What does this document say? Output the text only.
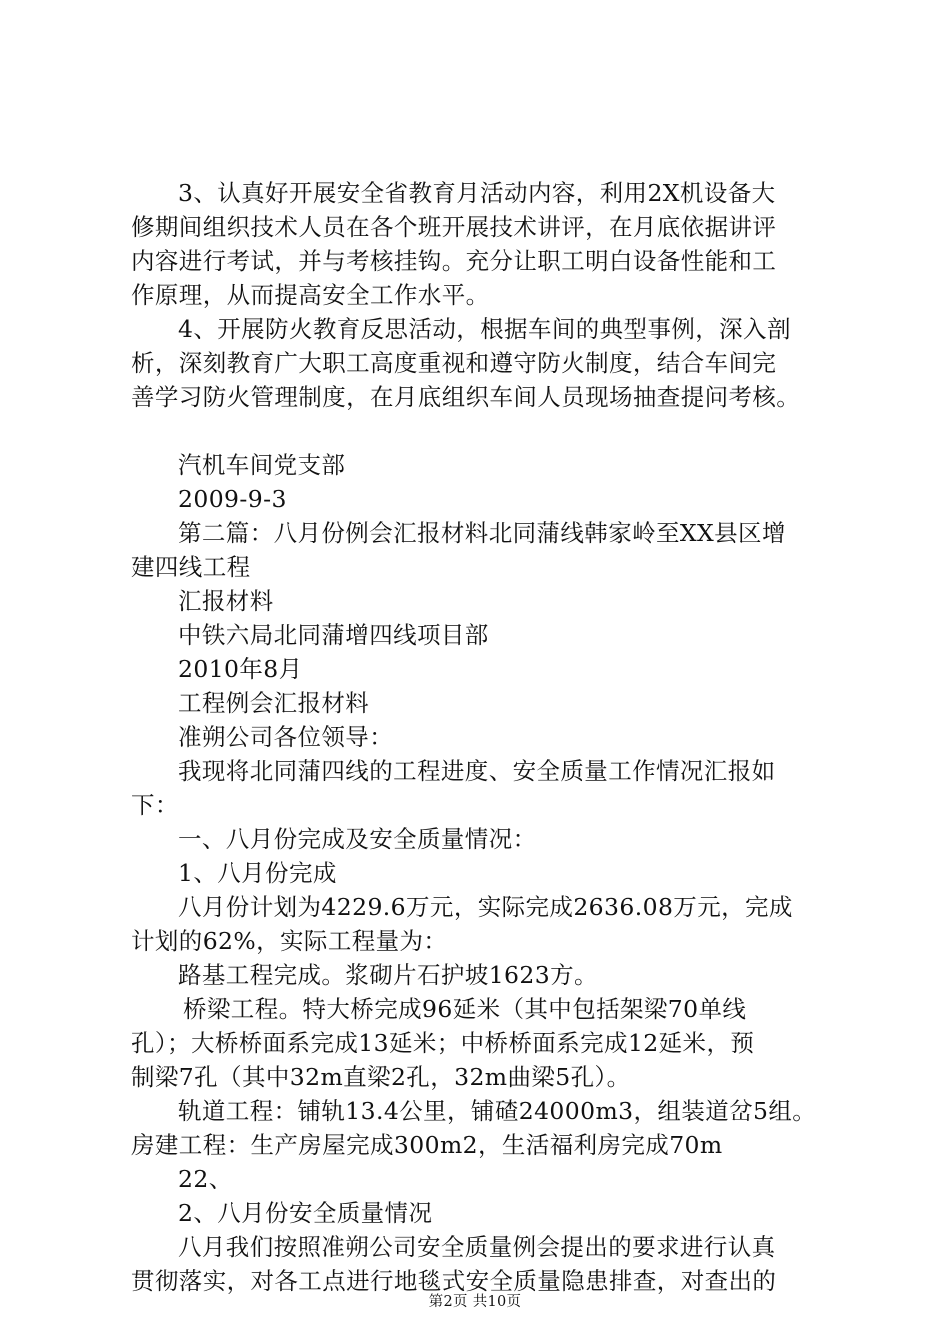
3、认真好开展安全省教育月活动内容，利用2X机设备大
修期间组织技术人员在各个班开展技术讲评，在月底依据讲评
内容进行考试，并与考核挂钩。充分让职工明白设备性能和工
作原理，从而提高安全工作水平。
4、开展防火教育反思活动，根据车间的典型事例，深入剖
析，深刻教育广大职工高度重视和遵守防火制度，结合车间完
善学习防火管理制度，在月底组织车间人员现场抽查提问考核。
汽机车间党支部
2009-9-3
第二篇：八月份例会汇报材料北同蒲线韩家岭至XX县区增
建四线工程
汇报材料
中铁六局北同蒲增四线项目部
2010年8月
工程例会汇报材料
准朔公司各位领导：
我现将北同蒲四线的工程进度、安全质量工作情况汇报如
下：
一、八月份完成及安全质量情况：
1、八月份完成
八月份计划为4229.6万元，实际完成2636.08万元，完成
计划的62%，实际工程量为：
路基工程完成。浆砌片石护坡1623方。
桥梁工程。特大桥完成96延米（其中包括架梁70单线
孔）；大桥桥面系完成13延米；中桥桥面系完成12延米，预
制梁7孔（其中32m直梁2孔，32m曲梁5孔）。
轨道工程：铺轨13.4公里，铺碴24000m3，组装道岔5组。
房建工程：生产房屋完成300m2，生活福利房完成70m
22、
2、八月份安全质量情况
八月我们按照准朔公司安全质量例会提出的要求进行认真
贯彻落实，对各工点进行地毯式安全质量隐患排查，对查出的
第2页 共10页
